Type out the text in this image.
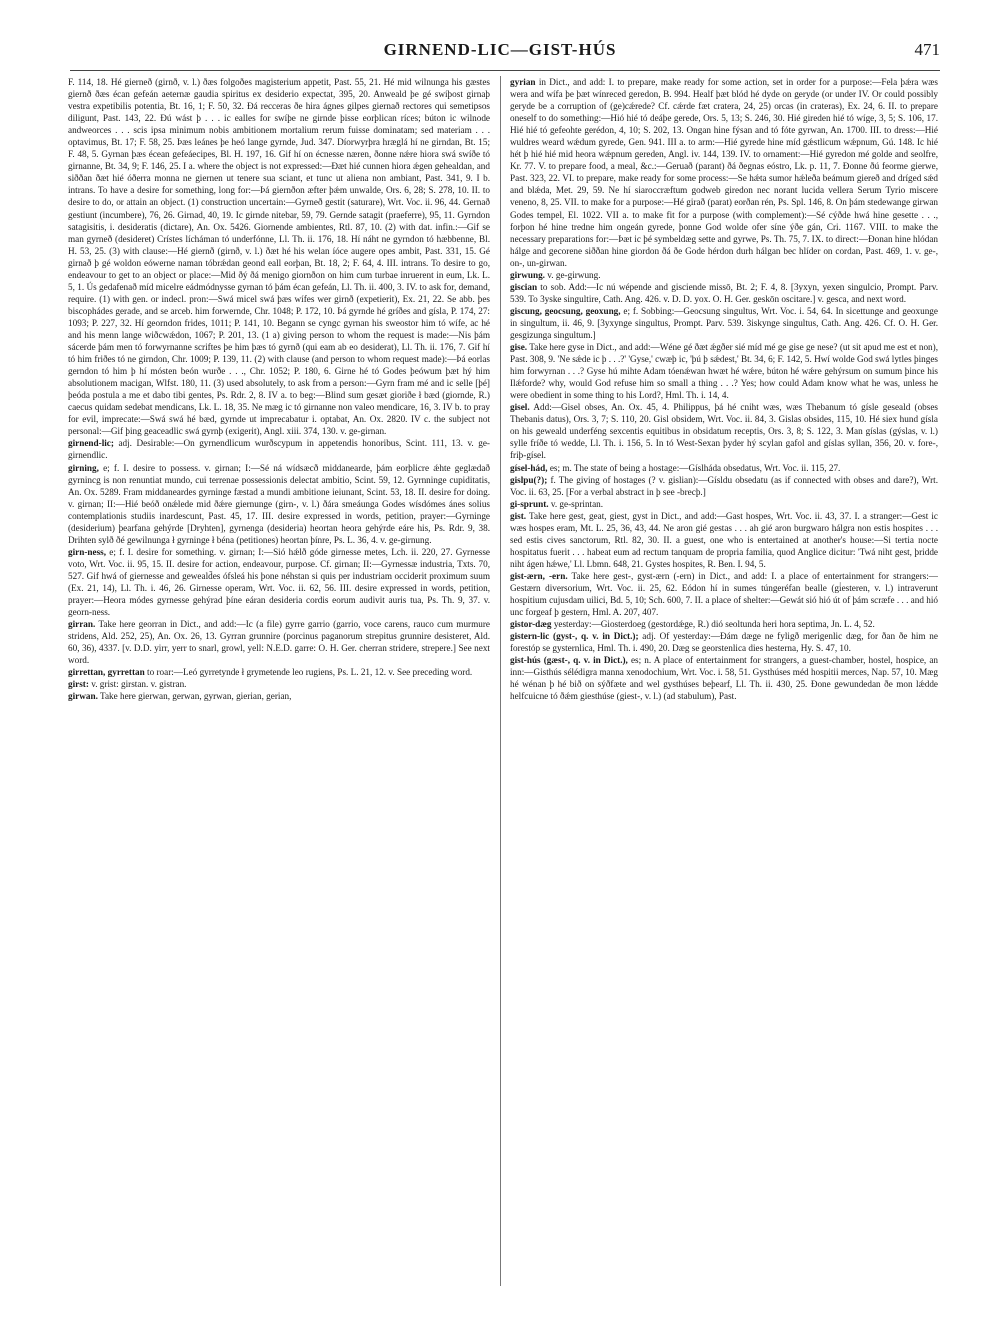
GIRNEND-LIC—GIST-HÚS	471

F. 114, 18. Hé gierneð (girnð, v. l.) ðæs folgoðes magisterium appetit, Past. 55, 21. Hé mid wilnunga his gæstes giernð ðæs écan gefeán aeternæ gaudia spiritus ex desiderio expectat, 395, 20. Anweald þe gé swíþost girnaþ vestra expetibilis potentia, Bt. 16, 1; F. 50, 32. Ðá recceras ðe hira ágnes gilpes giernað rectores qui semetipsos diligunt, Past. 143, 22. Ðú wást þ . . . ic ealles for swíþe ne girnde þisse eorþlican ríces; búton ic wilnode andweorces . . . scis ipsa minimum nobis ambitionem mortalium rerum fuisse dominatam; sed materiam . . . optavimus, Bt. 17; F. 58, 25. Þæs leánes þe heó lange gyrnde, Jud. 347. Díorwyrþra hræglá hí ne girndan, Bt. 15; F. 48, 5. Gyrnan þæs écean gefeáecipes, Bl. H. 197, 16. Gif hí on écnesse næren, ðonne nǽre hiora swá swíðe tó girnanne, Bt. 34, 9; F. 146, 25. I a. where the object is not expressed:—Ðæt hié cunnen hiora ǽgen gehealdan, and siððan ðæt hié óðerra monna ne giernen ut tenere sua sciant, et tunc ut aliena non ambiant, Past. 341, 9. I b. intrans. To have a desire for something, long for:—Þá giernðon æfter þǽm unwalde, Ors. 6, 28; S. 278, 10. II. to desire to do, or attain an object. (1) construction uncertain:—Gyrneð gestit (saturare), Wrt. Voc. ii. 96, 44. Gernað gestiunt (incumbere), 76, 26. Girnad, 40, 19. Ic girnde nitebar, 59, 79. Gernde satagit (praeferre), 95, 11. Gyrndon satagisitis, i. desideratis (dictare), An. Ox. 5426. Giornende ambientes, Rtl. 87, 10. (2) with dat. infin.:—Gif se man gyrneð (desideret) Crístes lícháman tó underfónne, Ll. Th. ii. 176, 18. Hí náht ne gyrndon tó hæbbenne, Bl. H. 53, 25. (3) with clause:—Hé giernð (girnð, v. l.) ðæt hé his welan íóce augere opes ambit, Past. 331, 15. Gé girnað þ gé woldon eówerne naman tóbrǽdan geond eall eorþan, Bt. 18, 2; F. 64, 4. III. intrans. To desire to go, endeavour to get to an object or place:—Mid ðý ðá menigo giornðon on him cum turbae inruerent in eum, Lk. L. 5, 1. Ús gedafenað míd micelre eádmódnysse gyrnan tó þám écan gefeán, Ll. Th. ii. 400, 3. IV. to ask for, demand, require. (1) with gen. or indecl. pron:—Swá micel swá þæs wífes wer girnð (expetierit), Ex. 21, 22. Se abb. þes biscophádes gerade, and se arceb. him forwernde, Chr. 1048; P. 172, 10. Þá gyrnde hé gríðes and gísla, P. 174, 27: 1093; P. 227, 32. Hí georndon frides, 1011; P. 141, 10. Begann se cyngc gyrnan his sweostor him tó wífe, ac hé and his menn lange wiðcwǽdon, 1067; P. 201, 13. (1 a) giving person to whom the request is made:—Nis þám sácerde þám men tó forwyrnanne scriftes þe him þæs tó gyrnð (qui eam ab eo desiderat), Ll. Th. ii. 176, 7. Gif hí tó him friðes tó ne girndon, Chr. 1009; P. 139, 11. (2) with clause (and person to whom request made):—Þá eorlas gerndon tó him þ hí mósten beón wurðe . . ., Chr. 1052; P. 180, 6. Girne hé tó Godes þeówum þæt hý him absolutionem macigan, Wlfst. 180, 11. (3) used absolutely, to ask from a person:—Gyrn fram mé and ic selle [þé] þeóda postula a me et dabo tibi gentes, Ps. Rdr. 2, 8. IV a. to beg:—Blind sum gesæt gioriðe ł bæd (giornde, R.) caecus quidam sedebat mendicans, Lk. L. 18, 35. Ne mæg ic tó girnanne non valeo mendicare, 16, 3. IV b. to pray for evil, imprecate:—Swá swá hé bæd, gyrnde ut imprecabatur i. optabat, An. Ox. 2820. IV c. the subject not personal:—Gif þing geaceadlic swá gyrnþ (exigerit), Angl. xiii. 374, 130. v. ge-girnan.

girnend-lic; adj. Desirable:—On gyrnendlicum wurðscypum in appetendis honoribus, Scint. 111, 13. v. ge-girnendlic.

girning, e; f. I. desire to possess. v. girnan; I:—Sé ná wídsæcð middaneardе, þám eorþlicre ǽhte geglædað gyrninсg is non renuntiat mundo, cui terrenae possessionis delectat ambitio, Scint. 59, 12. Gyrnninge cupiditatis, An. Ox. 5289. Fram middaneardes gyrninge fæstad a mundi ambitione ieiunant, Scint. 53, 18. II. desire for doing. v. girnan; II:—Hié beóð onǽlede mid ðǽre giernunge (girn-, v. l.) ðára smeáunga Godes wísdómes ánes solius contemplationis studiis inardescunt, Past. 45, 17. III. desire expressed in words, petition, prayer:—Gyrninge (desiderium) þearfana gehýrde [Dryhten], gyrnenga (desideria) heortan heora gehýrde eáre his, Ps. Rdr. 9, 38. Drihten sylð ðé gewilnunga ł gyrninge ł béna (petitiones) heortan þínre, Ps. L. 36, 4. v. ge-girnung.

girn-ness, e; f. I. desire for something. v. girnan; I:—Sió hǽlð góde girnesse metes, Lch. ii. 220, 27. Gyrnesse voto, Wrt. Voc. ii. 95, 15. II. desire for action, endeavour, purpose. Cf. girnan; II:—Gyrnessæ industria, Txts. 70, 527. Gif hwá of giernesse and geweald̄es ófsleá his þone néhstan si quis per industriam occiderit proximum suum (Ex. 21, 14), Ll. Th. i. 46, 26. Girnesse operam, Wrt. Voc. ii. 62, 56. III. desire expressed in words, petition, prayer:—Heora módes gyrnesse gehýrad þíne eáran desideria cordis eorum audivit auris tua, Ps. Th. 9, 37. v. georn-ness.

girran. Take here georran in Dict., and add:—Ic (a file) gyrre garrio (garrio, voce carens, rauco cum murmure stridens, Ald. 252, 25), An. Ox. 26, 13. Gyrran grunnire (porcinus paganorum strepitus grunnire desisteret, Ald. 60, 36), 4337. [v. D.D. yirr, yerr to snarl, growl, yell: N.E.D. garre: O. H. Ger. cherran stridere, strepere.] See next word.

girrettan, gyrrettan to roar:—Leó gyrretynde ł grymetende leo rugiens, Ps. L. 21, 12. v. See preceding word.

girst: v. grist: girstan. v. gistran.

girwan. Take here gierwan, gerwan, gyrwan, gierian, gerian,

gyrian in Dict., and add: I. to prepare, make ready for some action, set in order for a purpose:—Fela þǽra wæs wera and wífa þe þæt wínreced geredon, B. 994. Healf þæt blód hé dyde on geryde (or under IV. Or could possibly geryde be a corruption of (ge)cǽrede? Cf. cǽrde fæt cratera, 24, 25) orcas (in crateras), Ex. 24, 6. II. to prepare oneself to do something:—Hió hié tó deáþe gerede, Ors. 5, 13; S. 246, 30. Hié gireden hié tó wíge, 3, 5; S. 106, 17. Hié hié tó gefeohte gerédon, 4, 10; S. 202, 13. Ongan hine fýsan and tó fóte gyrwan, An. 1700. III. to dress:—Hié wuldres weard wǽdum gyrede, Gen. 941. III a. to arm:—Hié gyrede hine míd gǽstlicum wǽpnum, Gú. 148. Ic hié hét þ hié hié mid heora wǽpnum gereden, Angl. iv. 144, 139. IV. to ornament:—Hié gyredon mé golde and seolfre, Kr. 77. V. to prepare food, a meal, &c.:—Geruað (parant) ðá ðegnas eóstro, Lk. p. 11, 7. Ðonne ðú feorme gierwe, Past. 323, 22. VI. to prepare, make ready for some process:—Se hǽta sumor hǽleða beámum giereð and dríged sǽd and blǽda, Met. 29, 59. Ne hí siaroccræftum godweb giredon nec norant lucida vellera Serum Tyrio miscere veneno, 8, 25. VII. to make for a purpose:—Hé girað (parat) eorðan rén, Ps. Spl. 146, 8. On þám stedewange girwan Godes tempel, El. 1022. VII a. to make fit for a purpose (with complement):—Sé cýðde hwá hine gesette . . ., forþon hé hine tredne him ongeán gyrede, þonne God wolde ofer síne ýðe gán, Cri. 1167. VIII. to make the necessary preparations for:—Þæt ic þé symbeldæg sette and gyrwe, Ps. Th. 75, 7. IX. to direct:—Ðonan hine hlódan hálge and gecorene siððan hine giordon ðá ðe Gode hérdon durh hálgan bec hlíder on cordan, Past. 469, 1. v. ge-, on-, un-girwan.

girwung. v. ge-girwung.

giscian to sob. Add:—Ic nú wépende and gisciende missō, Bt. 2; F. 4, 8. [3yxyn, yexen singulcio, Prompt. Parv. 539. To 3yske singultire, Cath. Ang. 426. v. D. D. yox. O. H. Ger. geskōn oscitare.] v. gesca, and next word.

giscung, geocsung, geoxung, e; f. Sobbing:—Geocsung singultus, Wrt. Voc. i. 54, 64. In sicettunge and geoxunge in singultum, ii. 46, 9. [3yxynge singultus, Prompt. Parv. 539. 3iskynge singultus, Cath. Ang. 426. Cf. O. H. Ger. gesgizunga singultum.]

gise. Take here gyse in Dict., and add:—Wéne gé ðæt ǽgðer sié míd mé ge gise ge nese? (ut sit apud me est et non), Past. 308, 9. 'Ne sǽde ic þ . . .?' 'Gyse,' cwæþ ic, 'þú þ sǽdest,' Bt. 34, 6; F. 142, 5. Hwí wolde God swá lytles þinges him forwyrnan . . .? Gyse hú mihte Adam tóenǽwan hwæt hé wǽre, búton hé wǽre gehýrsum on sumum þince his Ilǽforde? why, would God refuse him so small a thing . . .? Yes; how could Adam know what he was, unless he were obedient in some thing to his Lord?, Hml. Th. i. 14, 4.

gisel. Add:—Gisel obses, An. Ox. 45, 4. Philippus, þá hé cniht wæs, wæs Thebanum tó gísle geseald (obses Thebanis datus), Ors. 3, 7; S. 110, 20. Gisl obsidem, Wrt. Voc. ii. 84, 3. Gislas obsides, 115, 10. Hé siex hund gísla on his geweald underféng sexcentis equitibus in obsidatum receptis, Ors. 3, 8; S. 122, 3. Man gíslas (gýslas, v. l.) sylle fríðe tó wedde, Ll. Th. i. 156, 5. In tó West-Sexan þyder hý scylan gafol and gíslas syllan, 356, 20. v. fore-, friþ-gísel.

gísel-hád, es; m. The state of being a hostage:—Gíslháda obsedatus, Wrt. Voc. ii. 115, 27.

gislpu(?); f. The giving of hostages (? v. gislian):—Gísldu obsedatu (as if connected with obses and dare?), Wrt. Voc. ii. 63, 25. [For a verbal abstract in þ see -brecþ.]

gi-sprunt. v. ge-sprintan.

gist. Take here gest, geat, giest, gyst in Dict., and add:—Gast hospes, Wrt. Voc. ii. 43, 37. I. a stranger:—Gest ic wæs hospes eram, Mt. L. 25, 36, 43, 44. Ne aron gié gestas . . . ah gié aron burgwaro hálgra non estis hospites . . . sed estis cives sanctorum, Rtl. 82, 30. II. a guest, one who is entertained at another's house:—Si tertia nocte hospitatus fuerit . . . habeat eum ad rectum tanquam de propria familia, quod Anglice dicitur: 'Twá niht gest, þridde niht ágen hǽwe,' Ll. Lbmn. 648, 21. Gystes hospites, R. Ben. I. 94, 5.

gist-ærn, -ern. Take here gest-, gyst-ærn (-ern) in Dict., and add: I. a place of entertainment for strangers:—Gestærn diversorium, Wrt. Voc. ii. 25, 62. Eódon hí in sumes túngeréfan bealle (gi̇esteren, v. l.) intraverunt hospitium cujusdam uilici, Bd. 5, 10; Sch. 600, 7. II. a place of shelter:—Gewát sió hió út of þám scræfe . . . and hió unc forgeaf þ gestern, Hml. A. 207, 407.

gistor-dæg yesterday:—Giosterdoeg (gestordǽge, R.) dió seoltunda heri hora septima, Jn. L. 4, 52.

gistern-lic (gyst-, q. v. in Dict.); adj. Of yesterday:—Ðám dæge ne fyligð merigenlic dæg, for ðan ðe him ne forestóp se gysternlica, Hml. Th. i. 490, 20. Dæg se georstenlica dies hesterna, Hy. S. 47, 10.

gist-hús (gæst-, q. v. in Dict.), es; n. A place of entertainment for strangers, a guest-chamber, hostel, hospice, an inn:—Gisthús sélédigra manna xenodochium, Wrt. Voc. i. 58, 51. Gysthúses méd hospitii merces, Nap. 57, 10. Mæg hé wénan þ hé bið on sýðfæte and wel gysthúses beþearf, Ll. Th. ii. 430, 25. Ðone gewundedan ðe mon lǽdde helfcuicne tó ðǽm giesthúse (giest-, v. l.) (ad stabulum), Past.
